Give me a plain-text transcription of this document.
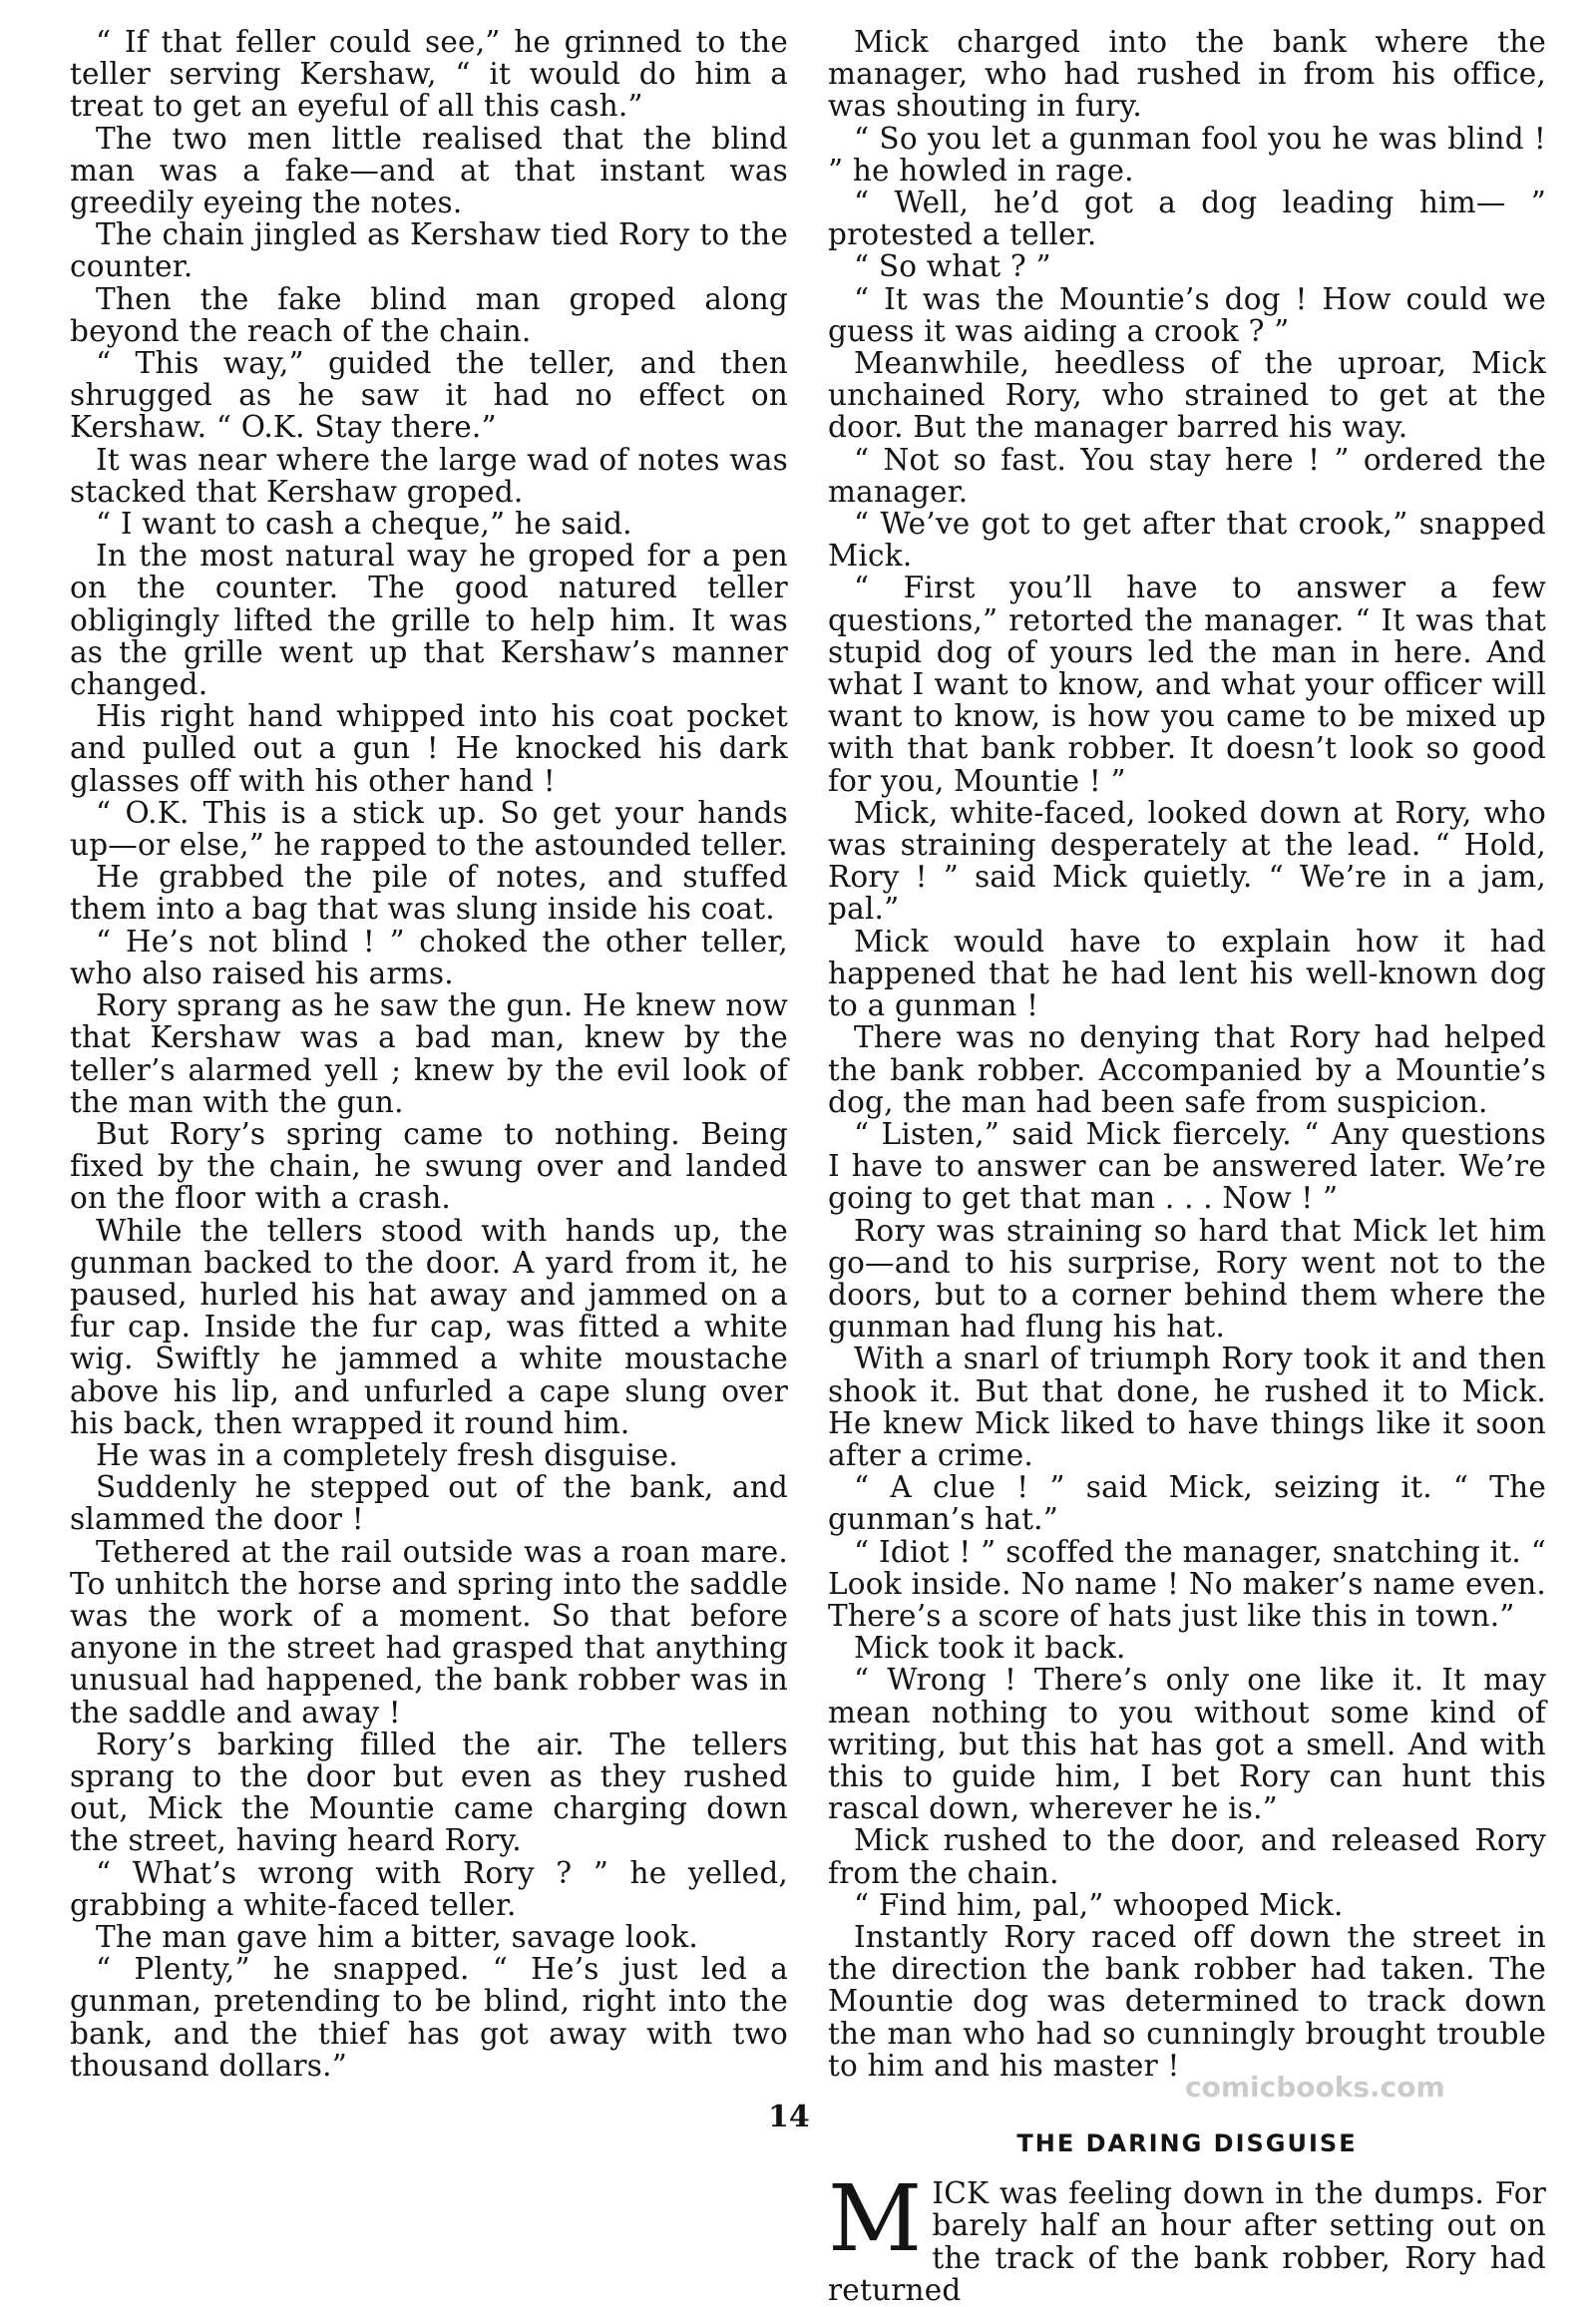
“ If that feller could see,” he grinned to the teller serving Kershaw, “ it would do him a treat to get an eyeful of all this cash.”

The two men little realised that the blind man was a fake—and at that instant was greedily eyeing the notes.

The chain jingled as Kershaw tied Rory to the counter.

Then the fake blind man groped along beyond the reach of the chain.

“ This way,” guided the teller, and then shrugged as he saw it had no effect on Kershaw. “ O.K. Stay there.”

It was near where the large wad of notes was stacked that Kershaw groped.

“ I want to cash a cheque,” he said.

In the most natural way he groped for a pen on the counter. The good natured teller obligingly lifted the grille to help him. It was as the grille went up that Kershaw’s manner changed.

His right hand whipped into his coat pocket and pulled out a gun ! He knocked his dark glasses off with his other hand !

“ O.K. This is a stick up. So get your hands up—or else,” he rapped to the astounded teller.

He grabbed the pile of notes, and stuffed them into a bag that was slung inside his coat.

“ He’s not blind ! ” choked the other teller, who also raised his arms.

Rory sprang as he saw the gun. He knew now that Kershaw was a bad man, knew by the teller’s alarmed yell ; knew by the evil look of the man with the gun.

But Rory’s spring came to nothing. Being fixed by the chain, he swung over and landed on the floor with a crash.

While the tellers stood with hands up, the gunman backed to the door. A yard from it, he paused, hurled his hat away and jammed on a fur cap. Inside the fur cap, was fitted a white wig. Swiftly he jammed a white moustache above his lip, and unfurled a cape slung over his back, then wrapped it round him.

He was in a completely fresh disguise.

Suddenly he stepped out of the bank, and slammed the door !

Tethered at the rail outside was a roan mare. To unhitch the horse and spring into the saddle was the work of a moment. So that before anyone in the street had grasped that anything unusual had happened, the bank robber was in the saddle and away !

Rory’s barking filled the air. The tellers sprang to the door but even as they rushed out, Mick the Mountie came charging down the street, having heard Rory.

“ What’s wrong with Rory ? ” he yelled, grabbing a white-faced teller.

The man gave him a bitter, savage look.

“ Plenty,” he snapped. “ He’s just led a gunman, pretending to be blind, right into the bank, and the thief has got away with two thousand dollars.”

Mick charged into the bank where the manager, who had rushed in from his office, was shouting in fury.

“ So you let a gunman fool you he was blind ! ” he howled in rage.

“ Well, he’d got a dog leading him— ” protested a teller.

“ So what ? ”

“ It was the Mountie’s dog ! How could we guess it was aiding a crook ? ”

Meanwhile, heedless of the uproar, Mick unchained Rory, who strained to get at the door. But the manager barred his way.

“ Not so fast. You stay here ! ” ordered the manager.

“ We’ve got to get after that crook,” snapped Mick.

“ First you’ll have to answer a few questions,” retorted the manager. “ It was that stupid dog of yours led the man in here. And what I want to know, and what your officer will want to know, is how you came to be mixed up with that bank robber. It doesn’t look so good for you, Mountie ! ”

Mick, white-faced, looked down at Rory, who was straining desperately at the lead. “ Hold, Rory ! ” said Mick quietly. “ We’re in a jam, pal.”

Mick would have to explain how it had happened that he had lent his well-known dog to a gunman !

There was no denying that Rory had helped the bank robber. Accompanied by a Mountie’s dog, the man had been safe from suspicion.

“ Listen,” said Mick fiercely. “ Any questions I have to answer can be answered later. We’re going to get that man . . . Now ! ”

Rory was straining so hard that Mick let him go—and to his surprise, Rory went not to the doors, but to a corner behind them where the gunman had flung his hat.

With a snarl of triumph Rory took it and then shook it. But that done, he rushed it to Mick. He knew Mick liked to have things like it soon after a crime.

“ A clue ! ” said Mick, seizing it. “ The gunman’s hat.”

“ Idiot ! ” scoffed the manager, snatching it. “ Look inside. No name ! No maker’s name even. There’s a score of hats just like this in town.”

Mick took it back.

“ Wrong ! There’s only one like it. It may mean nothing to you without some kind of writing, but this hat has got a smell. And with this to guide him, I bet Rory can hunt this rascal down, wherever he is.”

Mick rushed to the door, and released Rory from the chain.

“ Find him, pal,” whooped Mick.

Instantly Rory raced off down the street in the direction the bank robber had taken. The Mountie dog was determined to track down the man who had so cunningly brought trouble to him and his master !

THE DARING DISGUISE

MICK was feeling down in the dumps. For barely half an hour after setting out on the track of the bank robber, Rory had returned

comicbooks.com
14
